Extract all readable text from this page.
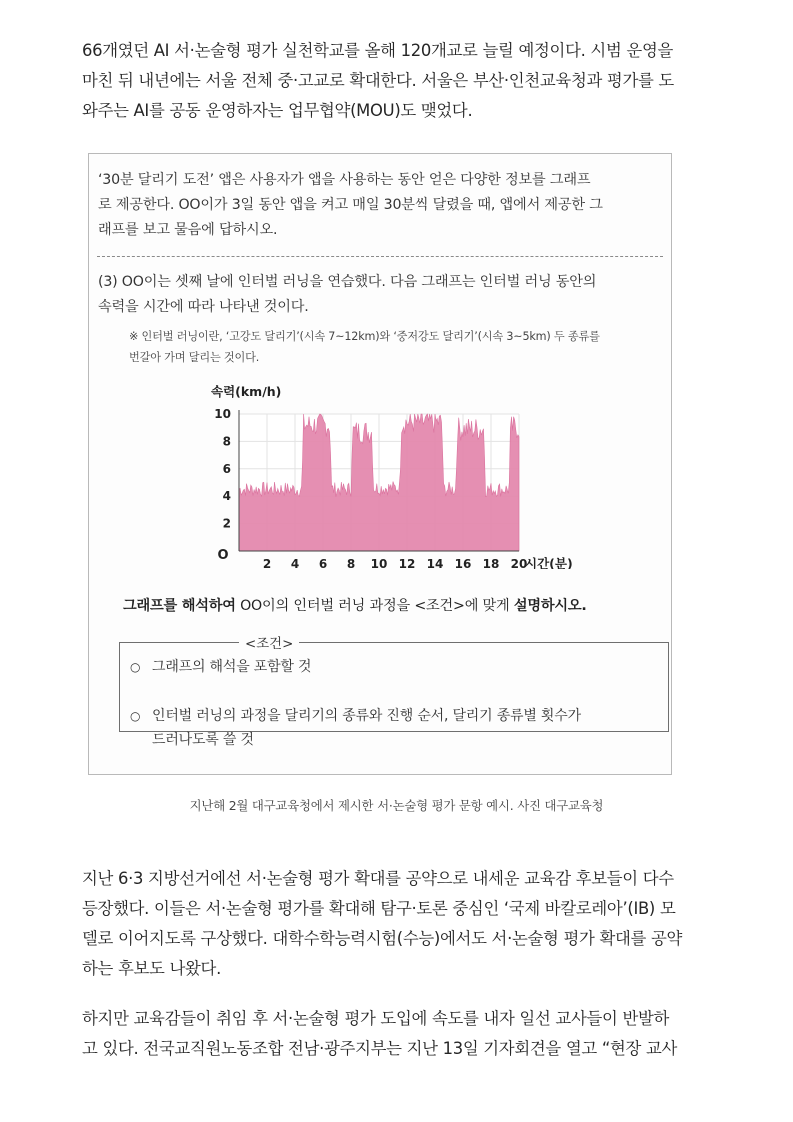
66개였던 AI 서·논술형 평가 실천학교를 올해 120개교로 늘릴 예정이다. 시범 운영을
마친 뒤 내년에는 서울 전체 중·고교로 확대한다. 서울은 부산·인천교육청과 평가를 도
와주는 AI를 공동 운영하자는 업무협약(MOU)도 맺었다.

‘30분 달리기 도전’ 앱은 사용자가 앱을 사용하는 동안 얻은 다양한 정보를 그래프
로 제공한다. OO이가 3일 동안 앱을 켜고 매일 30분씩 달렸을 때, 앱에서 제공한 그
래프를 보고 물음에 답하시오.
(3) OO이는 셋째 날에 인터벌 러닝을 연습했다. 다음 그래프는 인터벌 러닝 동안의
속력을 시간에 따라 나타낸 것이다.
※ 인터벌 러닝이란, ‘고강도 달리기’(시속 7~12km)와 ‘중저강도 달리기’(시속 3~5km) 두 종류를
번갈아 가며 달리는 것이다.
2
4
6
8
10
2 4 6 8 10 12 14 16 18 20
O
속력(km/h)
시간(분)
그래프를 해석하여 OO이의 인터벌 러닝 과정을 <조건>에 맞게 설명하시오.
<조건>
○ 그래프의 해석을 포함할 것

○ 인터벌 러닝의 과정을 달리기의 종류와 진행 순서, 달리기 종류별 횟수가
드러나도록 쓸 것

지난해 2월 대구교육청에서 제시한 서·논술형 평가 문항 예시. 사진 대구교육청

지난 6·3 지방선거에선 서·논술형 평가 확대를 공약으로 내세운 교육감 후보들이 다수
등장했다. 이들은 서·논술형 평가를 확대해 탐구·토론 중심인 ‘국제 바칼로레아’(IB) 모
델로 이어지도록 구상했다. 대학수학능력시험(수능)에서도 서·논술형 평가 확대를 공약
하는 후보도 나왔다.

하지만 교육감들이 취임 후 서·논술형 평가 도입에 속도를 내자 일선 교사들이 반발하
고 있다. 전국교직원노동조합 전남·광주지부는 지난 13일 기자회견을 열고 “현장 교사
